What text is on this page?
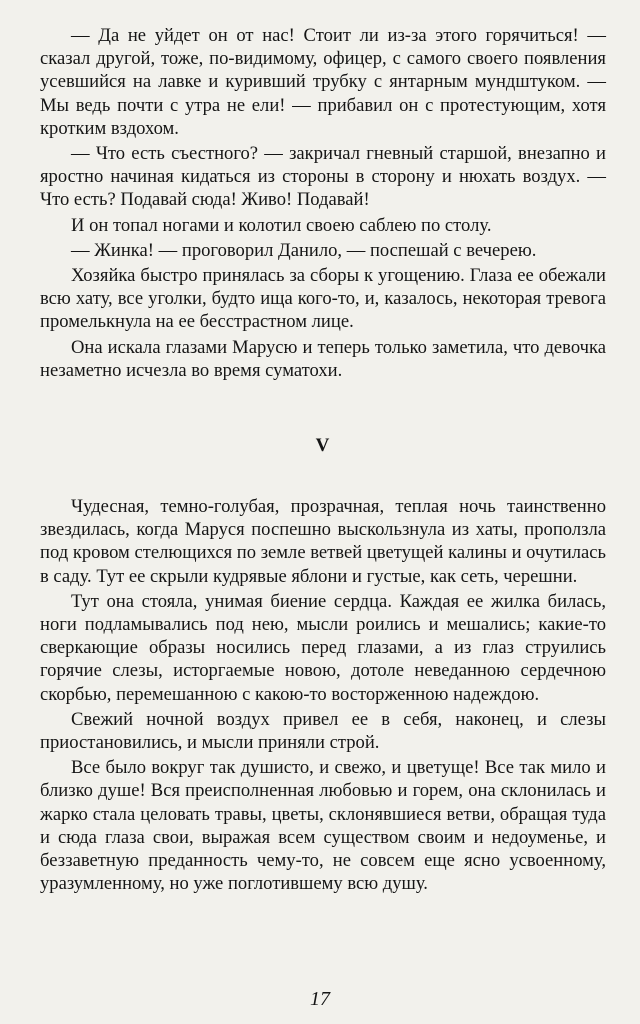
— Да не уйдет он от нас! Стоит ли из-за этого горячиться! — сказал другой, тоже, по-видимому, офицер, с самого своего появления усевшийся на лавке и куривший трубку с янтарным мундштуком. — Мы ведь почти с утра не ели! — прибавил он с протестующим, хотя кротким вздохом.

— Что есть съестного? — закричал гневный старшой, внезапно и яростно начиная кидаться из стороны в сторону и нюхать воздух. — Что есть? Подавай сюда! Живо! Подавай!

И он топал ногами и колотил своею саблею по столу.

— Жинка! — проговорил Данило, — поспешай с вечерею.

Хозяйка быстро принялась за сборы к угощению. Глаза ее обежали всю хату, все уголки, будто ища кого-то, и, казалось, некоторая тревога промелькнула на ее бесстрастном лице.

Она искала глазами Марусю и теперь только заметила, что девочка незаметно исчезла во время суматохи.

V

Чудесная, темно-голубая, прозрачная, теплая ночь таинственно звездилась, когда Маруся поспешно выскользнула из хаты, проползла под кровом стелющихся по земле ветвей цветущей калины и очутилась в саду. Тут ее скрыли кудрявые яблони и густые, как сеть, черешни.

Тут она стояла, унимая биение сердца. Каждая ее жилка билась, ноги подламывались под нею, мысли роились и мешались; какие-то сверкающие образы носились перед глазами, а из глаз струились горячие слезы, исторгаемые новою, дотоле неведанною сердечною скорбью, перемешанною с какою-то восторженною надеждою.

Свежий ночной воздух привел ее в себя, наконец, и слезы приостановились, и мысли приняли строй.

Все было вокруг так душисто, и свежо, и цветуще! Все так мило и близко душе! Вся преисполненная любовью и горем, она склонилась и жарко стала целовать травы, цветы, склонявшиеся ветви, обращая туда и сюда глаза свои, выражая всем существом своим и недоуменье, и беззаветную преданность чему-то, не совсем еще ясно усвоенному, уразумленному, но уже поглотившему всю душу.

17
